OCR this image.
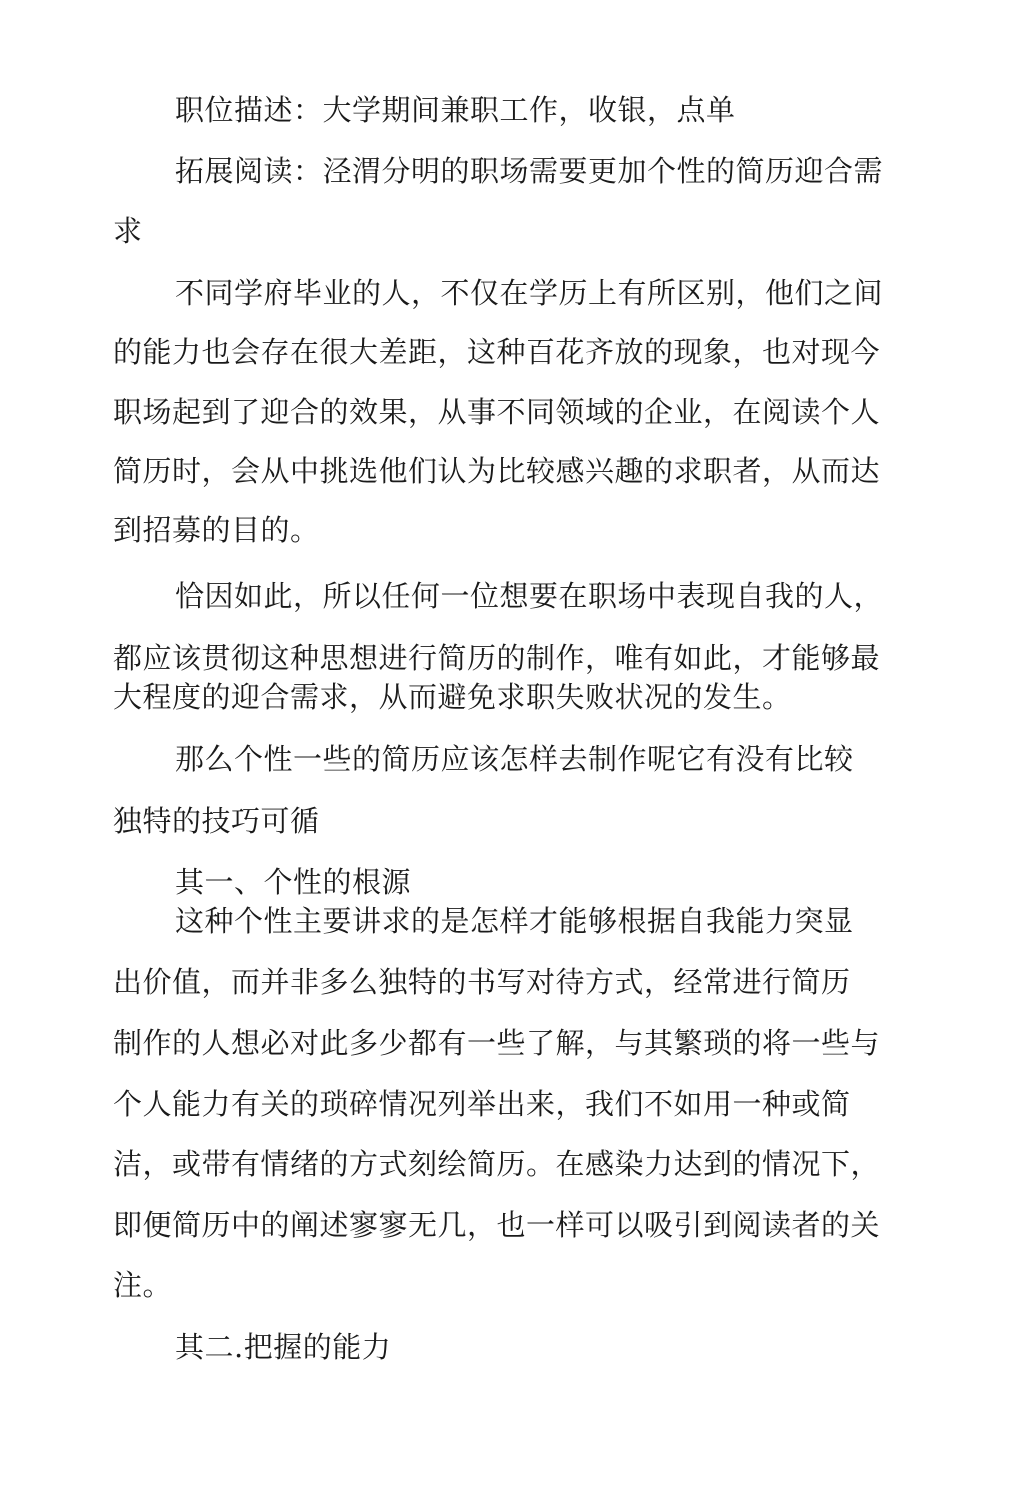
职位描述：大学期间兼职工作，收银，点单
拓展阅读：泾渭分明的职场需要更加个性的简历迎合需
求
不同学府毕业的人，不仅在学历上有所区别，他们之间
的能力也会存在很大差距，这种百花齐放的现象，也对现今
职场起到了迎合的效果，从事不同领域的企业，在阅读个人
简历时，会从中挑选他们认为比较感兴趣的求职者，从而达
到招募的目的。
恰因如此，所以任何一位想要在职场中表现自我的人，
都应该贯彻这种思想进行简历的制作，唯有如此，才能够最
大程度的迎合需求，从而避免求职失败状况的发生。
那么个性一些的简历应该怎样去制作呢它有没有比较
独特的技巧可循
其一、个性的根源
这种个性主要讲求的是怎样才能够根据自我能力突显
出价值，而并非多么独特的书写对待方式，经常进行简历
制作的人想必对此多少都有一些了解，与其繁琐的将一些与
个人能力有关的琐碎情况列举出来，我们不如用一种或简
洁，或带有情绪的方式刻绘简历。在感染力达到的情况下，
即便简历中的阐述寥寥无几，也一样可以吸引到阅读者的关
注。
其二.把握的能力
